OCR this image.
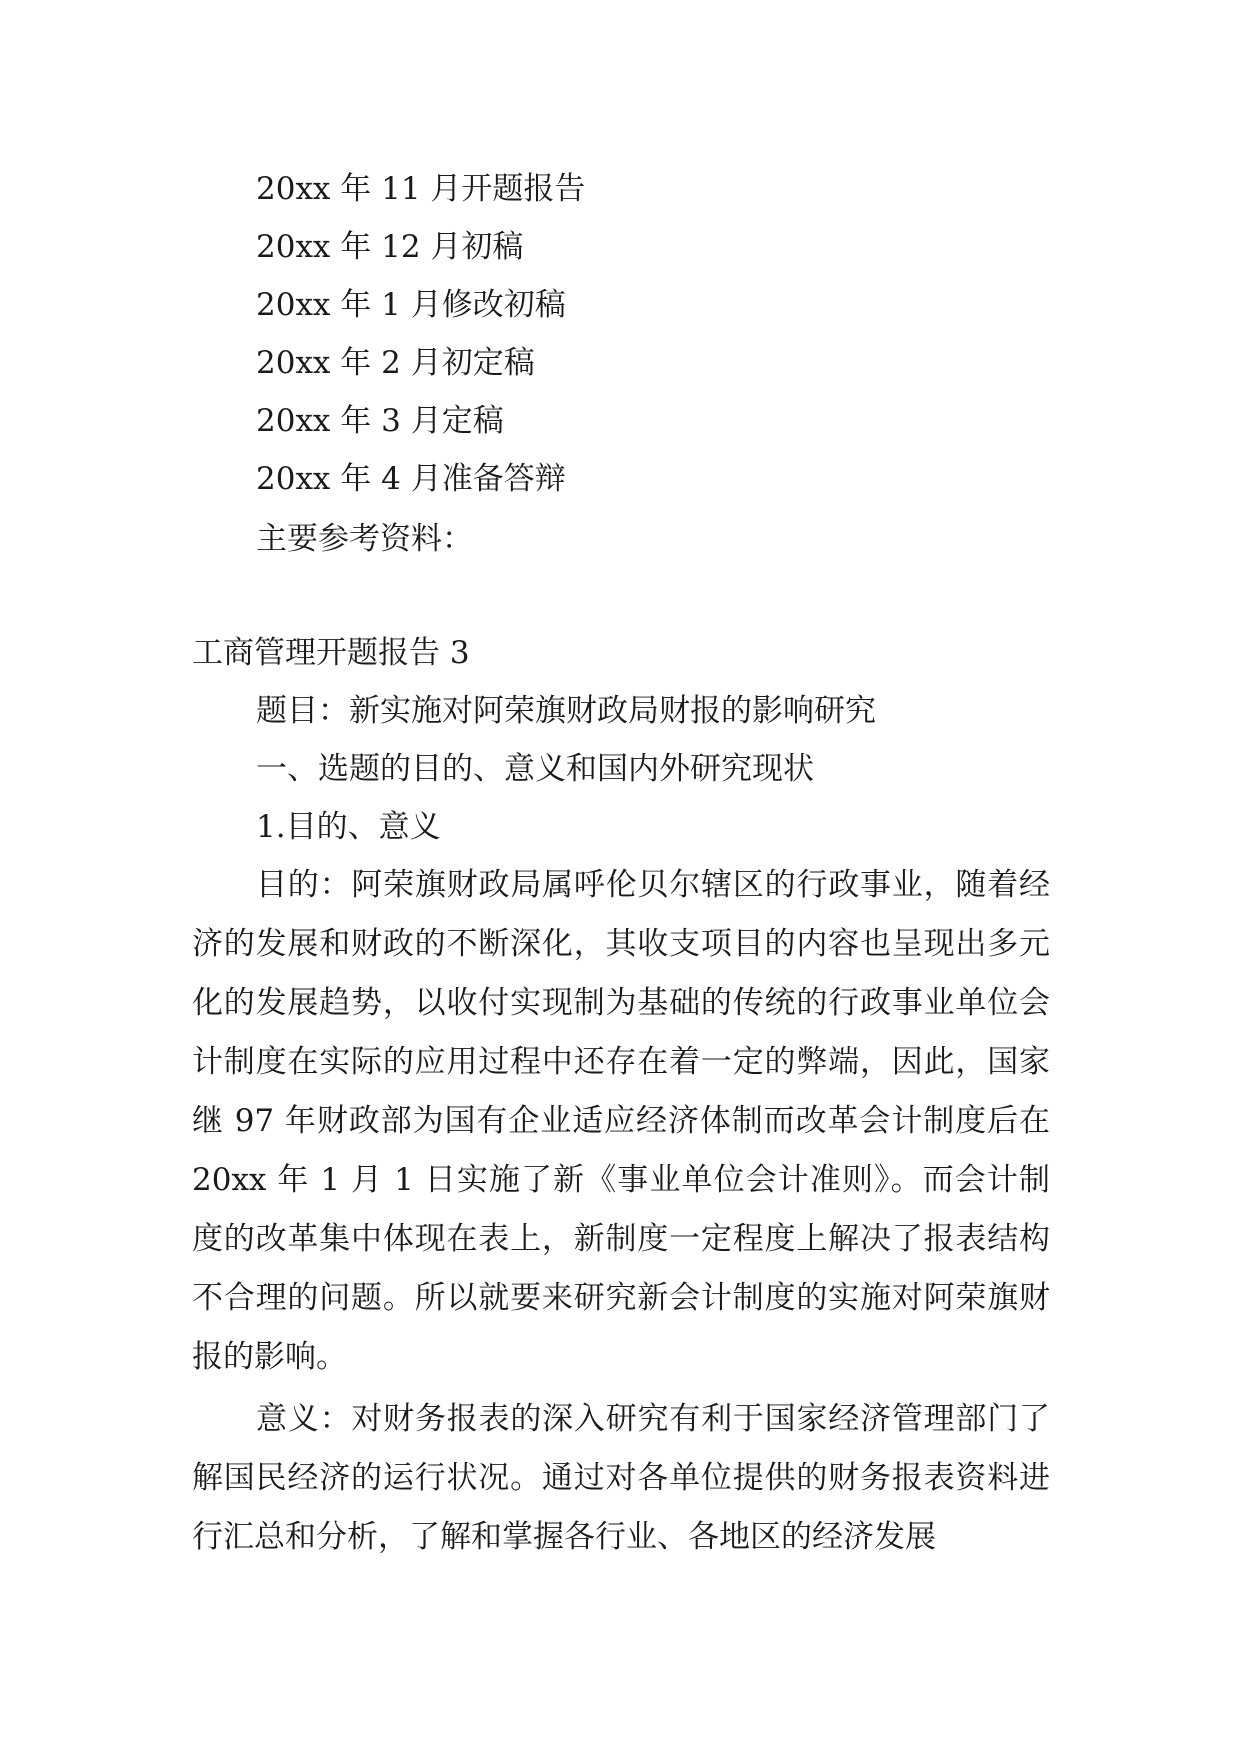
20xx 年 11 月开题报告
20xx 年 12 月初稿
20xx 年 1 月修改初稿
20xx 年 2 月初定稿
20xx 年 3 月定稿
20xx 年 4 月准备答辩
主要参考资料：
工商管理开题报告 3
题目：新实施对阿荣旗财政局财报的影响研究
一、选题的目的、意义和国内外研究现状
1.目的、意义

目的：阿荣旗财政局属呼伦贝尔辖区的行政事业，随着经济的发展和财政的不断深化，其收支项目的内容也呈现出多元化的发展趋势，以收付实现制为基础的传统的行政事业单位会计制度在实际的应用过程中还存在着一定的弊端，因此，国家继 97 年财政部为国有企业适应经济体制而改革会计制度后在 20xx 年 1 月 1 日实施了新《事业单位会计准则》。而会计制度的改革集中体现在表上，新制度一定程度上解决了报表结构不合理的问题。所以就要来研究新会计制度的实施对阿荣旗财报的影响。

意义：对财务报表的深入研究有利于国家经济管理部门了解国民经济的运行状况。通过对各单位提供的财务报表资料进行汇总和分析，了解和掌握各行业、各地区的经济发展
